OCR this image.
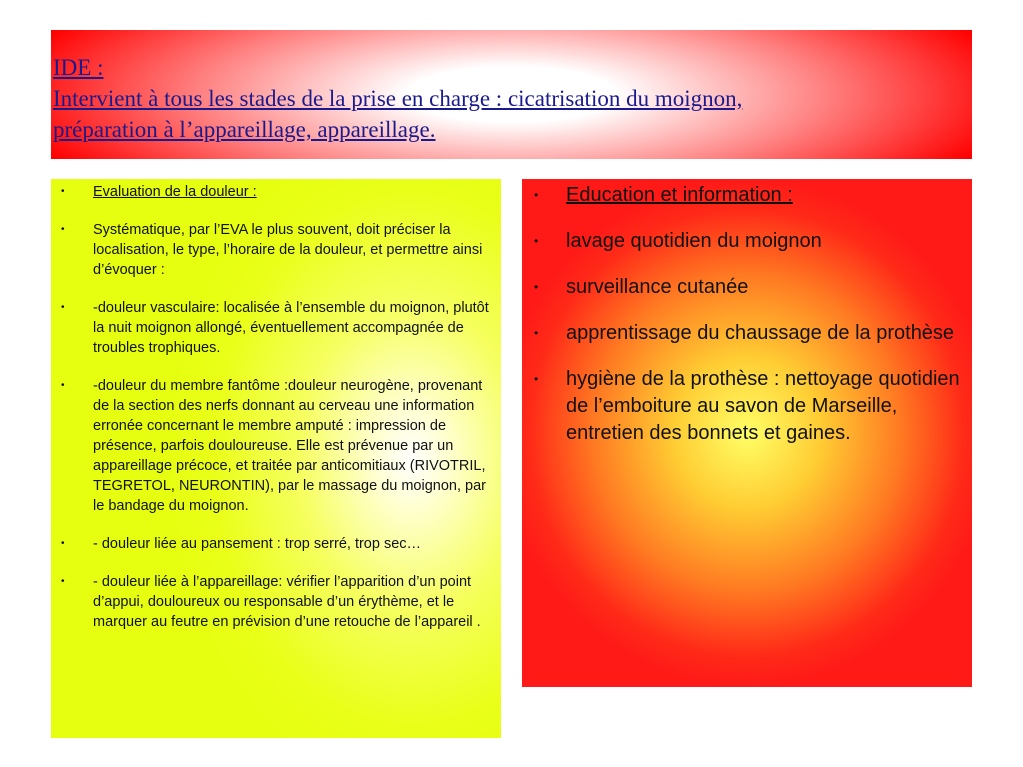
IDE :
Intervient à tous les stades de la prise en charge : cicatrisation du moignon,
préparation à l’appareillage, appareillage.
• Evaluation de la douleur :
• Systématique, par l’EVA le plus souvent, doit préciser la localisation, le type, l’horaire de la douleur, et permettre ainsi d’évoquer :
• -douleur vasculaire: localisée à l’ensemble du moignon, plutôt la nuit moignon allongé, éventuellement accompagnée de troubles trophiques.
• -douleur du membre fantôme :douleur neurogène, provenant de la section des nerfs donnant au cerveau une information erronée concernant le membre amputé : impression de présence, parfois douloureuse. Elle est prévenue par un appareillage précoce, et traitée par anticomitiaux (RIVOTRIL, TEGRETOL, NEURONTIN), par le massage du moignon, par le bandage du moignon.
• - douleur liée au pansement : trop serré, trop sec…
• - douleur liée à l’appareillage: vérifier l’apparition d’un point d’appui, douloureux ou responsable d’un érythème, et le marquer au feutre en prévision d’une retouche de l’appareil .
• Education et information :
• lavage quotidien du moignon
• surveillance cutanée
• apprentissage du chaussage de la prothèse
• hygiène de la prothèse : nettoyage quotidien de l’emboiture au savon de Marseille, entretien des bonnets et gaines.
